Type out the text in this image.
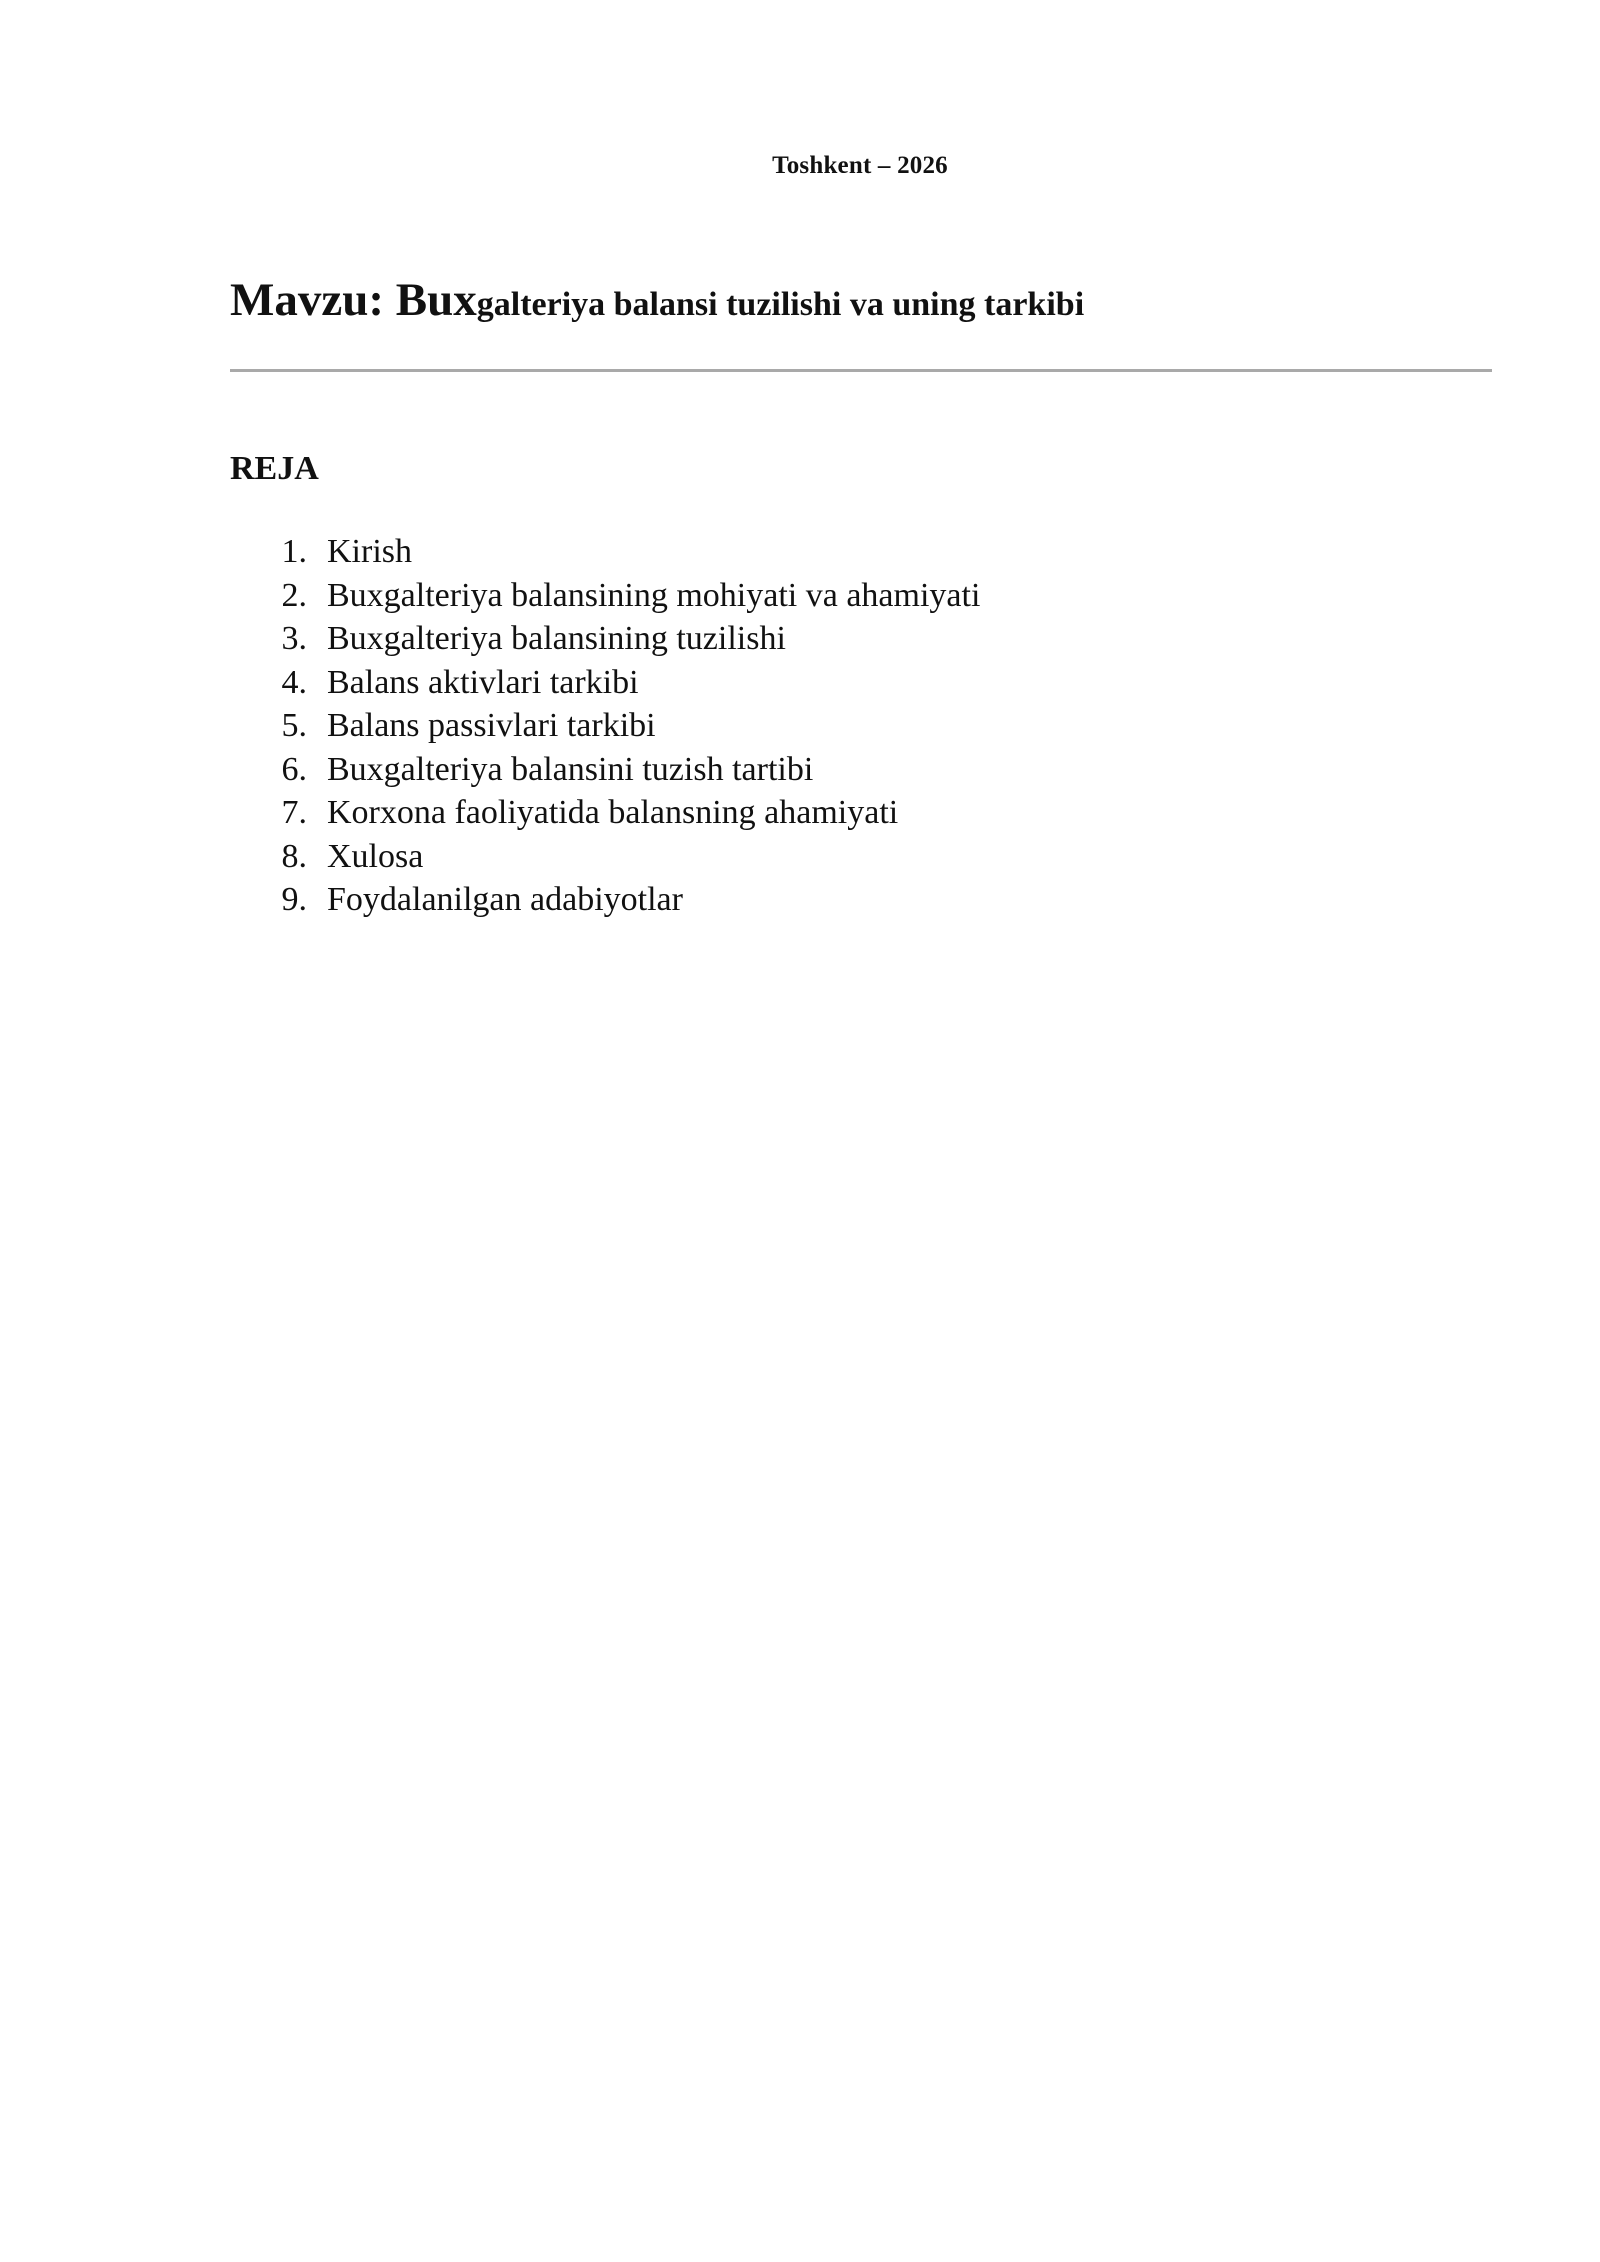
Toshkent – 2026
Mavzu: Buxgalteriya balansi tuzilishi va uning tarkibi
REJA
1. Kirish
2. Buxgalteriya balansining mohiyati va ahamiyati
3. Buxgalteriya balansining tuzilishi
4. Balans aktivlari tarkibi
5. Balans passivlari tarkibi
6. Buxgalteriya balansini tuzish tartibi
7. Korxona faoliyatida balansning ahamiyati
8. Xulosa
9. Foydalanilgan adabiyotlar
